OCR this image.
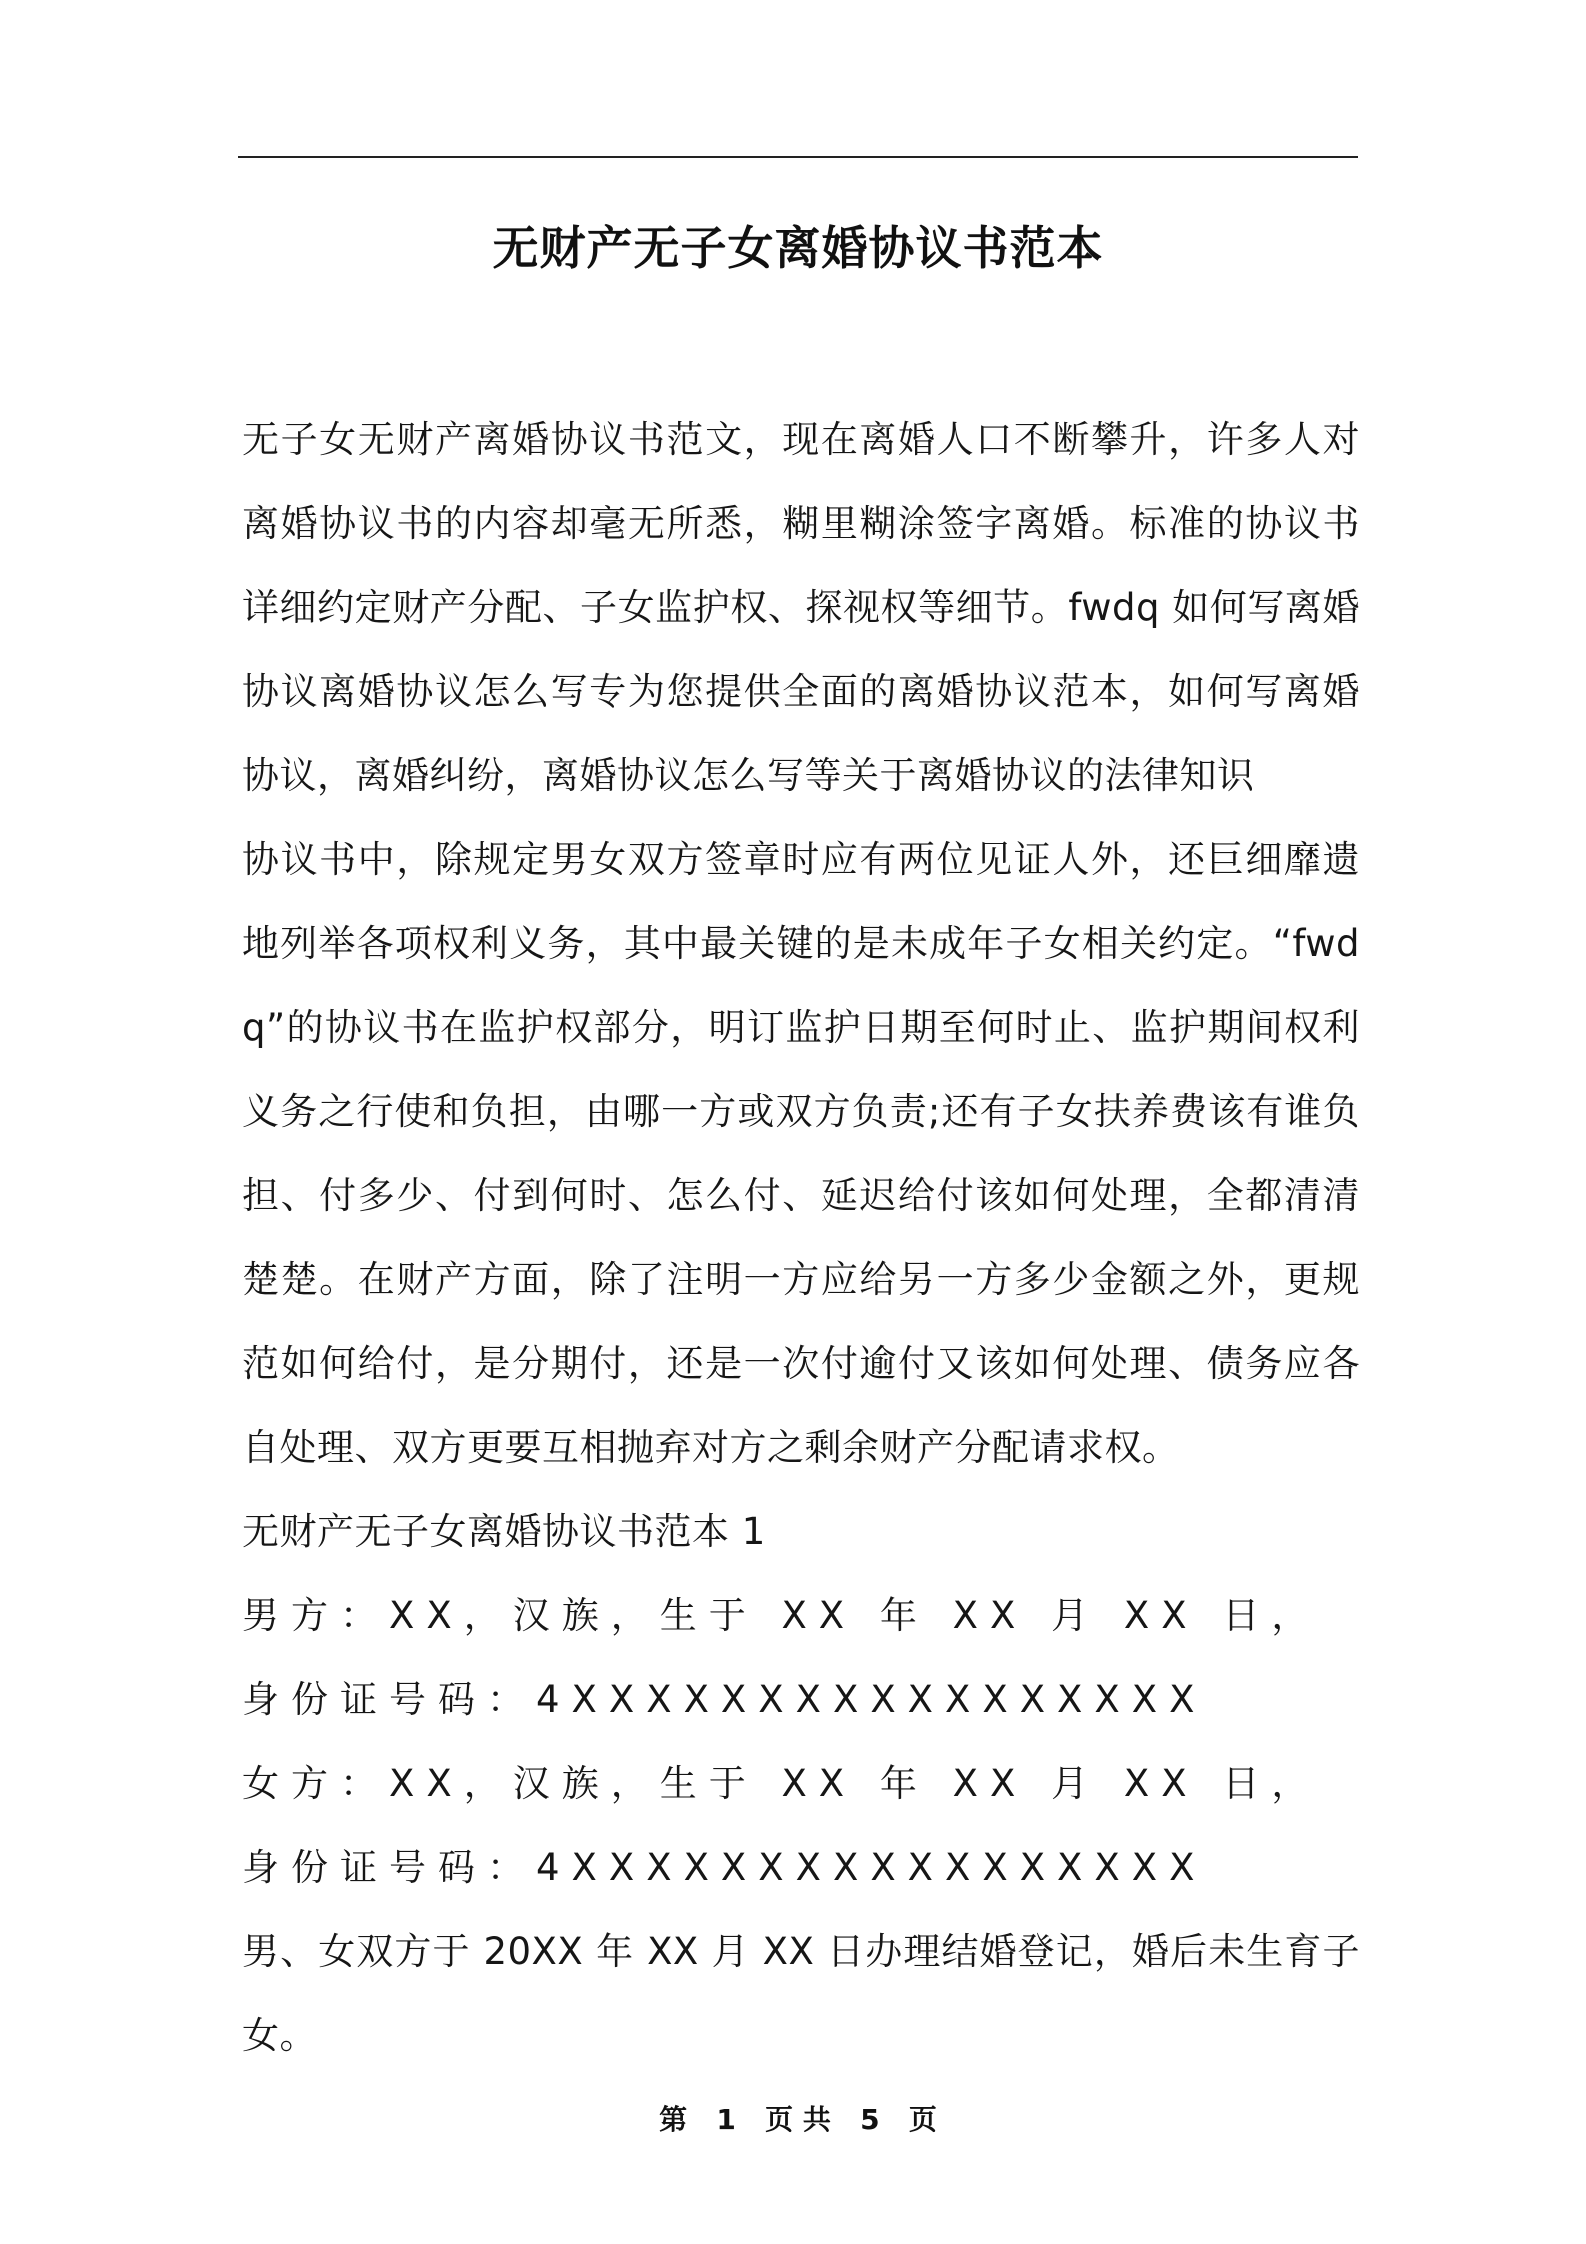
无财产无子女离婚协议书范本

无子女无财产离婚协议书范文，现在离婚人口不断攀升，许多人对离婚协议书的内容却毫无所悉，糊里糊涂签字离婚。标准的协议书详细约定财产分配、子女监护权、探视权等细节。fwdq 如何写离婚协议离婚协议怎么写专为您提供全面的离婚协议范本，如何写离婚协议，离婚纠纷，离婚协议怎么写等关于离婚协议的法律知识

协议书中，除规定男女双方签章时应有两位见证人外，还巨细靡遗地列举各项权利义务，其中最关键的是未成年子女相关约定。“fwdq”的协议书在监护权部分，明订监护日期至何时止、监护期间权利义务之行使和负担，由哪一方或双方负责;还有子女扶养费该有谁负担、付多少、付到何时、怎么付、延迟给付该如何处理，全都清清楚楚。在财产方面，除了注明一方应给另一方多少金额之外，更规范如何给付，是分期付，还是一次付逾付又该如何处理、债务应各自处理、双方更要互相抛弃对方之剩余财产分配请求权。

无财产无子女离婚协议书范本 1

男方：XX，汉族，生于 XX 年 XX 月 XX 日，身份证号码：4XXXXXXXXXXXXXXXXX

女方：XX，汉族，生于 XX 年 XX 月 XX 日，身份证号码：4XXXXXXXXXXXXXXXXX

男、女双方于 20XX 年 XX 月 XX 日办理结婚登记，婚后未生育子女。

第 1 页 共 5 页
